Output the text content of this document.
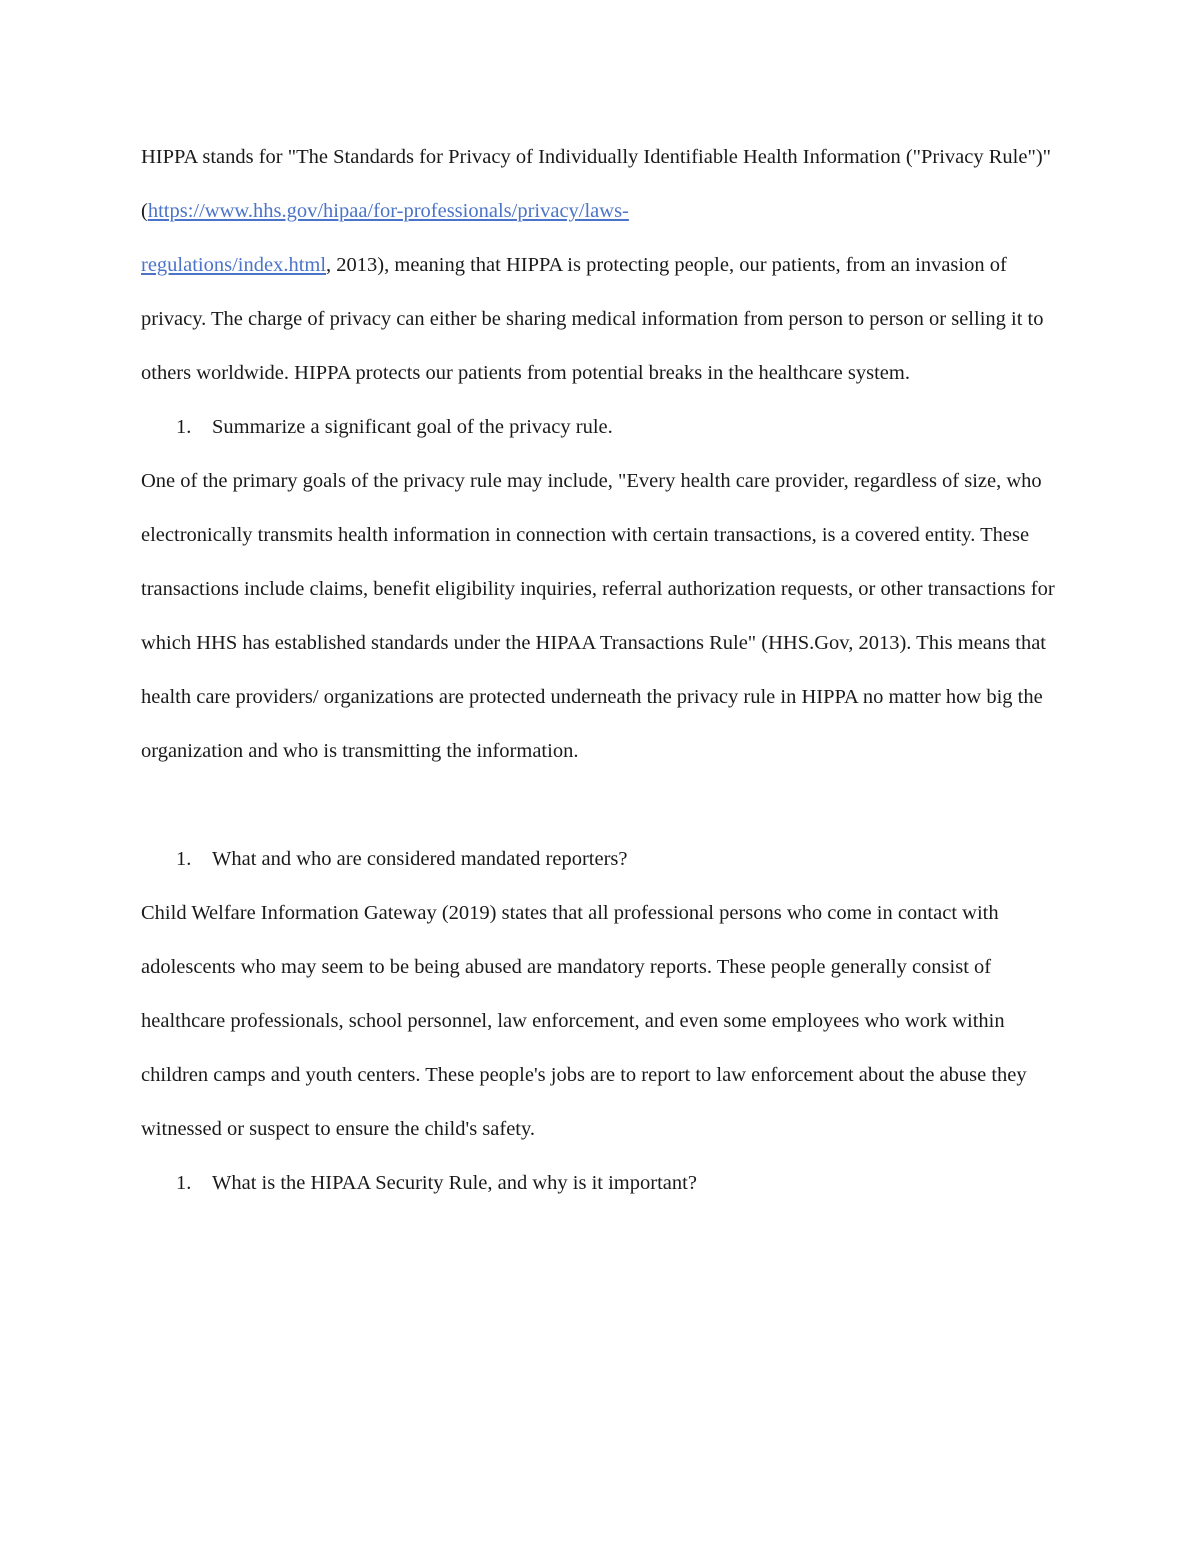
HIPPA stands for "The Standards for Privacy of Individually Identifiable Health Information ("Privacy Rule")" (https://www.hhs.gov/hipaa/for-professionals/privacy/laws-
regulations/index.html, 2013), meaning that HIPPA is protecting people, our patients, from an invasion of privacy. The charge of privacy can either be sharing medical information from person to person or selling it to others worldwide. HIPPA protects our patients from potential breaks in the healthcare system.

1. Summarize a significant goal of the privacy rule.

One of the primary goals of the privacy rule may include, "Every health care provider, regardless of size, who electronically transmits health information in connection with certain transactions, is a covered entity. These transactions include claims, benefit eligibility inquiries, referral authorization requests, or other transactions for which HHS has established standards under the HIPAA Transactions Rule" (HHS.Gov, 2013). This means that health care providers/ organizations are protected underneath the privacy rule in HIPPA no matter how big the organization and who is transmitting the information.

1. What and who are considered mandated reporters?

Child Welfare Information Gateway (2019) states that all professional persons who come in contact with adolescents who may seem to be being abused are mandatory reports. These people generally consist of healthcare professionals, school personnel, law enforcement, and even some employees who work within children camps and youth centers. These people's jobs are to report to law enforcement about the abuse they witnessed or suspect to ensure the child's safety.

1. What is the HIPAA Security Rule, and why is it important?
